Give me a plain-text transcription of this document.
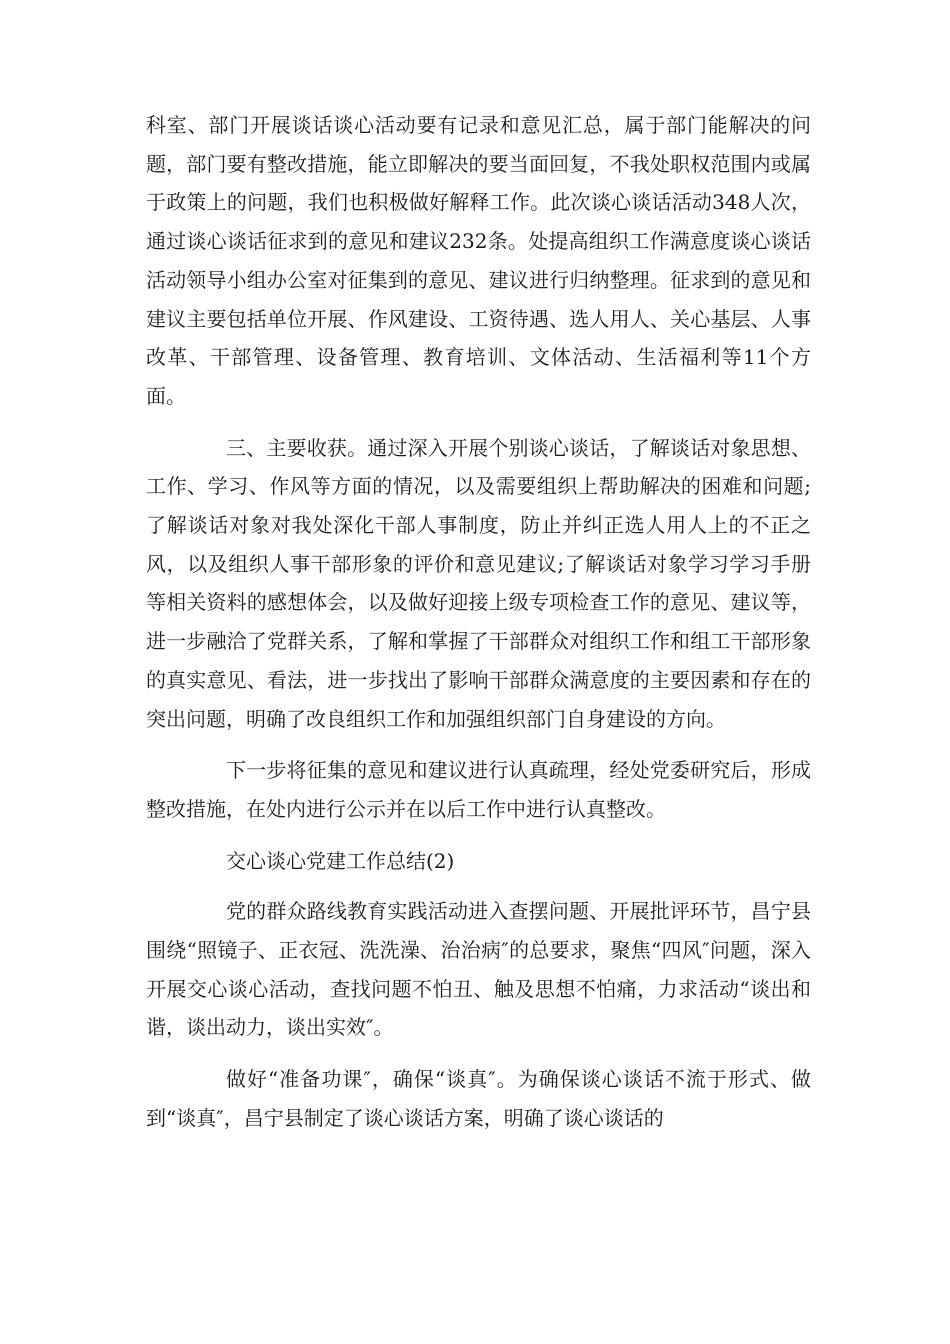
科室、部门开展谈话谈心活动要有记录和意见汇总，属于部门能解决的问题，部门要有整改措施，能立即解决的要当面回复，不我处职权范围内或属于政策上的问题，我们也积极做好解释工作。此次谈心谈话活动348人次，通过谈心谈话征求到的意见和建议232条。处提高组织工作满意度谈心谈话活动领导小组办公室对征集到的意见、建议进行归纳整理。征求到的意见和建议主要包括单位开展、作风建设、工资待遇、选人用人、关心基层、人事改革、干部管理、设备管理、教育培训、文体活动、生活福利等11个方面。

三、主要收获。通过深入开展个别谈心谈话，了解谈话对象思想、工作、学习、作风等方面的情况，以及需要组织上帮助解决的困难和问题;了解谈话对象对我处深化干部人事制度，防止并纠正选人用人上的不正之风，以及组织人事干部形象的评价和意见建议;了解谈话对象学习学习手册等相关资料的感想体会，以及做好迎接上级专项检查工作的意见、建议等，进一步融洽了党群关系，了解和掌握了干部群众对组织工作和组工干部形象的真实意见、看法，进一步找出了影响干部群众满意度的主要因素和存在的突出问题，明确了改良组织工作和加强组织部门自身建设的方向。

下一步将征集的意见和建议进行认真疏理，经处党委研究后，形成整改措施，在处内进行公示并在以后工作中进行认真整改。

交心谈心党建工作总结(2)

党的群众路线教育实践活动进入查摆问题、开展批评环节，昌宁县围绕“照镜子、正衣冠、洗洗澡、治治病″的总要求，聚焦“四风″问题，深入开展交心谈心活动，查找问题不怕丑、触及思想不怕痛，力求活动“谈出和谐，谈出动力，谈出实效″。

做好“准备功课″，确保“谈真″。为确保谈心谈话不流于形式、做到“谈真″，昌宁县制定了谈心谈话方案，明确了谈心谈话的
